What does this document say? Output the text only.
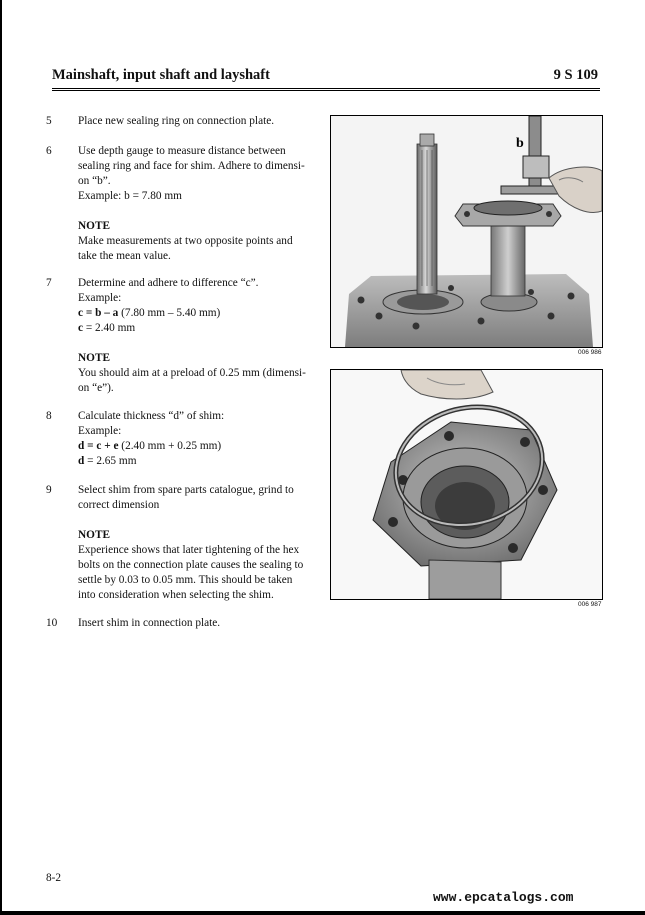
Mainshaft, input shaft and layshaft	9 S 109
5	Place new sealing ring on connection plate.
6	Use depth gauge to measure distance between
sealing ring and face for shim. Adhere to dimensi-
on “b”.
Example: b = 7.80 mm
NOTE
Make measurements at two opposite points and
take the mean value.
7	Determine and adhere to difference “c”.
Example:
c = b – a (7.80 mm – 5.40 mm)
c = 2.40 mm
NOTE
You should aim at a preload of 0.25 mm (dimensi-
on “e”).
8	Calculate thickness “d” of shim:
Example:
d = c + e (2.40 mm + 0.25 mm)
d = 2.65 mm
9	Select shim from spare parts catalogue, grind to
correct dimension
NOTE
Experience shows that later tightening of the hex
bolts on the connection plate causes the sealing to
settle by 0.03 to 0.05 mm. This should be taken
into consideration when selecting the shim.
10	Insert shim in connection plate.
b
006 986
006 987
8-2
www.epcatalogs.com
